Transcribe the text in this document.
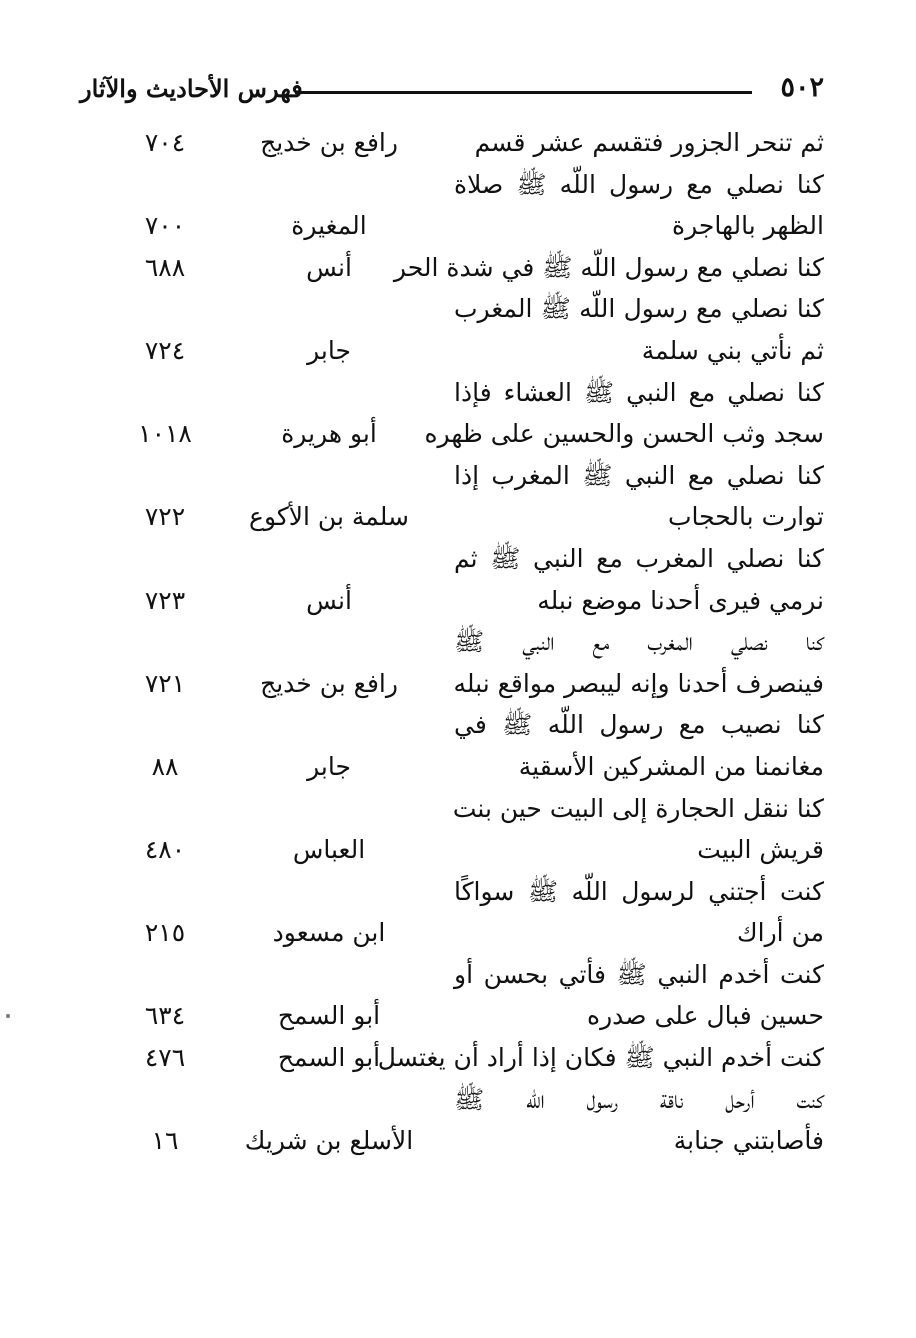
٥٠٢
فهرس الأحاديث والآثار
ثم تنحر الجزور فتقسم عشر قسم
رافع بن خديج
٧٠٤
كنا نصلي مع رسول اللّه ﷺ صلاة
الظهر بالهاجرة
المغيرة
٧٠٠
كنا نصلي مع رسول اللّه ﷺ في شدة الحر
أنس
٦٨٨
كنا نصلي مع رسول اللّه ﷺ المغرب
ثم نأتي بني سلمة
جابر
٧٢٤
كنا نصلي مع النبي ﷺ العشاء فإذا
سجد وثب الحسن والحسين على ظهره
أبو هريرة
١٠١٨
كنا نصلي مع النبي ﷺ المغرب إذا
توارت بالحجاب
سلمة بن الأكوع
٧٢٢
كنا نصلي المغرب مع النبي ﷺ ثم
نرمي فيرى أحدنا موضع نبله
أنس
٧٢٣
كنا نصلي المغرب مع النبي ﷺ
فينصرف أحدنا وإنه ليبصر مواقع نبله
رافع بن خديج
٧٢١
كنا نصيب مع رسول اللّه ﷺ في
مغانمنا من المشركين الأسقية
جابر
٨٨
كنا ننقل الحجارة إلى البيت حين بنت
قريش البيت
العباس
٤٨٠
كنت أجتني لرسول اللّه ﷺ سواكًا
من أراك
ابن مسعود
٢١٥
كنت أخدم النبي ﷺ فأتي بحسن أو
حسين فبال على صدره
أبو السمح
٦٣٤
كنت أخدم النبي ﷺ فكان إذا أراد أن يغتسل
أبو السمح
٤٧٦
كنت أرحل ناقة رسول اللّه ﷺ
فأصابتني جنابة
الأسلع بن شريك
١٦
